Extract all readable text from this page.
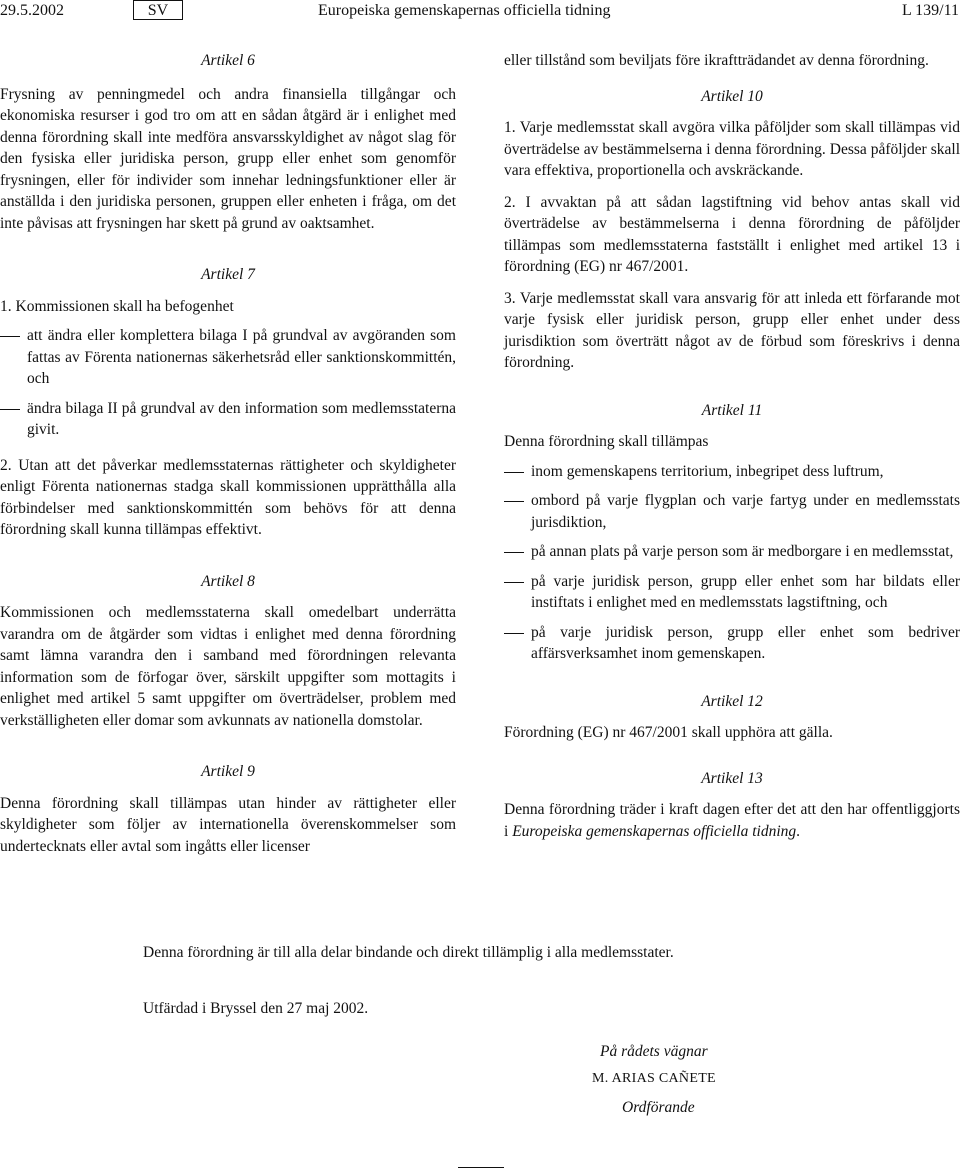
29.5.2002	SV	Europeiska gemenskapernas officiella tidning	L 139/11

Artikel 6

Frysning av penningmedel och andra finansiella tillgångar och ekonomiska resurser i god tro om att en sådan åtgärd är i enlighet med denna förordning skall inte medföra ansvarsskyldighet av något slag för den fysiska eller juridiska person, grupp eller enhet som genomför frysningen, eller för individer som innehar ledningsfunktioner eller är anställda i den juridiska personen, gruppen eller enheten i fråga, om det inte påvisas att frysningen har skett på grund av oaktsamhet.

Artikel 7

1. Kommissionen skall ha befogenhet

att ändra eller komplettera bilaga I på grundval av avgöranden som fattas av Förenta nationernas säkerhetsråd eller sanktionskommittén, och

ändra bilaga II på grundval av den information som medlemsstaterna givit.

2. Utan att det påverkar medlemsstaternas rättigheter och skyldigheter enligt Förenta nationernas stadga skall kommissionen upprätthålla alla förbindelser med sanktionskommittén som behövs för att denna förordning skall kunna tillämpas effektivt.

Artikel 8

Kommissionen och medlemsstaterna skall omedelbart underrätta varandra om de åtgärder som vidtas i enlighet med denna förordning samt lämna varandra den i samband med förordningen relevanta information som de förfogar över, särskilt uppgifter som mottagits i enlighet med artikel 5 samt uppgifter om överträdelser, problem med verkställigheten eller domar som avkunnats av nationella domstolar.

Artikel 9

Denna förordning skall tillämpas utan hinder av rättigheter eller skyldigheter som följer av internationella överenskommelser som undertecknats eller avtal som ingåtts eller licenser

eller tillstånd som beviljats före ikraftträdandet av denna förordning.

Artikel 10

1. Varje medlemsstat skall avgöra vilka påföljder som skall tillämpas vid överträdelse av bestämmelserna i denna förordning. Dessa påföljder skall vara effektiva, proportionella och avskräckande.

2. I avvaktan på att sådan lagstiftning vid behov antas skall vid överträdelse av bestämmelserna i denna förordning de påföljder tillämpas som medlemsstaterna fastställt i enlighet med artikel 13 i förordning (EG) nr 467/2001.

3. Varje medlemsstat skall vara ansvarig för att inleda ett förfarande mot varje fysisk eller juridisk person, grupp eller enhet under dess jurisdiktion som överträtt något av de förbud som föreskrivs i denna förordning.

Artikel 11

Denna förordning skall tillämpas

inom gemenskapens territorium, inbegripet dess luftrum,

ombord på varje flygplan och varje fartyg under en medlemsstats jurisdiktion,

på annan plats på varje person som är medborgare i en medlemsstat,

på varje juridisk person, grupp eller enhet som har bildats eller instiftats i enlighet med en medlemsstats lagstiftning, och

på varje juridisk person, grupp eller enhet som bedriver affärsverksamhet inom gemenskapen.

Artikel 12

Förordning (EG) nr 467/2001 skall upphöra att gälla.

Artikel 13

Denna förordning träder i kraft dagen efter det att den har offentliggjorts i Europeiska gemenskapernas officiella tidning.

Denna förordning är till alla delar bindande och direkt tillämplig i alla medlemsstater.
Utfärdad i Bryssel den 27 maj 2002.
På rådets vägnar
M. ARIAS CAÑETE
Ordförande
